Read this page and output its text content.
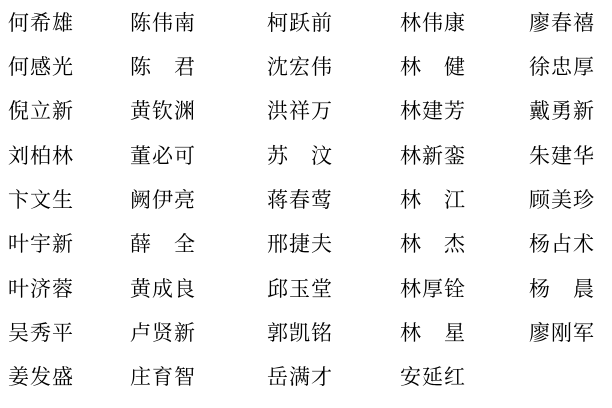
何希雄	陈伟南	柯跃前	林伟康	廖春禧
何感光	陈　君	沈宏伟	林　健	徐忠厚
倪立新	黄钦渊	洪祥万	林建芳	戴勇新
刘柏林	董必可	苏　汶	林新銮	朱建华
卞文生	阙伊亮	蒋春莺	林　江	顾美珍
叶宇新	薛　全	邢捷夫	林　杰	杨占术
叶济蓉	黄成良	邱玉堂	林厚铨	杨　晨
吴秀平	卢贤新	郭凯铭	林　星	廖刚军
姜发盛	庄育智	岳满才	安延红
